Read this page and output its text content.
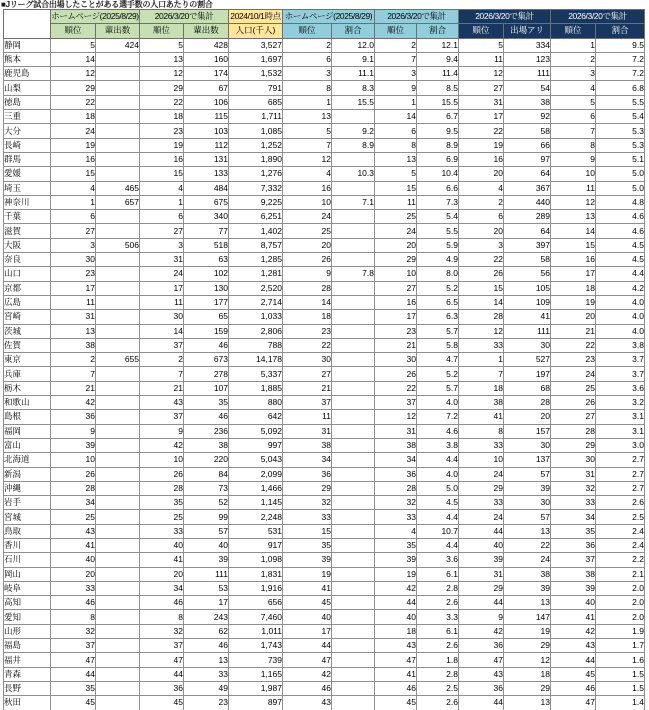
■Jリーグ試合出場したことがある選手数の人口あたりの割合
	ホームページ(2025/8/29)		2026/3/20で集計		2024/10/1時点	ホームページ(2025/8/29)		2026/3/20で集計		2026/3/20で集計		2026/3/20で集計	
	順位	輩出数	順位	輩出数	人口(千人)	順位	割合	順位	割合	順位	出場アリ	順位	割合
静岡	5	424	5	428	3,527	2	12.0	2	12.1	5	334	1	9.5
熊本	14		13	160	1,697	6	9.1	7	9.4	11	123	2	7.2
鹿児島	12		12	174	1,532	3	11.1	3	11.4	12	111	3	7.2
山梨	29		29	67	791	8	8.3	9	8.5	27	54	4	6.8
徳島	22		22	106	685	1	15.5	1	15.5	31	38	5	5.5
三重	18		18	115	1,711	13		14	6.7	17	92	6	5.4
大分	24		23	103	1,085	5	9.2	6	9.5	22	58	7	5.3
長崎	19		19	112	1,252	7	8.9	8	8.9	19	66	8	5.3
群馬	16		16	131	1,890	12		13	6.9	16	97	9	5.1
愛媛	15		15	133	1,276	4	10.3	5	10.4	20	64	10	5.0
埼玉	4	465	4	484	7,332	16		15	6.6	4	367	11	5.0
神奈川	1	657	1	675	9,225	10	7.1	11	7.3	2	440	12	4.8
千葉	6		6	340	6,251	24		25	5.4	6	289	13	4.6
滋賀	27		27	77	1,402	25		24	5.5	20	64	14	4.6
大阪	3	506	3	518	8,757	20		20	5.9	3	397	15	4.5
奈良	30		31	63	1,285	26		29	4.9	22	58	16	4.5
山口	23		24	102	1,281	9	7.8	10	8.0	26	56	17	4.4
京都	17		17	130	2,520	28		27	5.2	15	105	18	4.2
広島	11		11	177	2,714	14		16	6.5	14	109	19	4.0
宮崎	31		30	65	1,033	18		17	6.3	28	41	20	4.0
茨城	13		14	159	2,806	23		23	5.7	12	111	21	4.0
佐賀	38		37	46	788	22		21	5.8	33	30	22	3.8
東京	2	655	2	673	14,178	30		30	4.7	1	527	23	3.7
兵庫	7		7	278	5,337	27		26	5.2	7	197	24	3.7
栃木	21		21	107	1,885	21		22	5.7	18	68	25	3.6
和歌山	42		43	35	880	37		37	4.0	38	28	26	3.2
島根	36		37	46	642	11		12	7.2	41	20	27	3.1
福岡	9		9	236	5,092	31		31	4.6	8	157	28	3.1
富山	39		42	38	997	38		38	3.8	33	30	29	3.0
北海道	10		10	220	5,043	34		34	4.4	10	137	30	2.7
新潟	26		26	84	2,099	36		36	4.0	24	57	31	2.7
沖縄	28		28	73	1,466	29		28	5.0	29	39	32	2.7
岩手	34		35	52	1,145	32		32	4.5	33	30	33	2.6
宮城	25		25	99	2,248	33		33	4.4	24	57	34	2.5
鳥取	43		33	57	531	15		4	10.7	44	13	35	2.4
香川	41		40	40	917	35		35	4.4	40	22	36	2.4
石川	40		41	39	1,098	39		39	3.6	39	24	37	2.2
岡山	20		20	111	1,831	19		19	6.1	31	38	38	2.1
岐阜	33		34	53	1,916	41		42	2.8	29	39	39	2.0
高知	46		46	17	656	45		44	2.6	44	13	40	2.0
愛知	8		8	243	7,460	40		40	3.3	9	147	41	2.0
山形	32		32	62	1,011	17		18	6.1	42	19	42	1.9
福島	37		37	46	1,743	44		43	2.6	36	29	43	1.7
福井	47		47	13	739	47		47	1.8	47	12	44	1.6
青森	44		44	33	1,165	42		41	2.8	43	18	45	1.5
長野	35		36	49	1,987	46		46	2.5	36	29	46	1.5
秋田	45		45	23	897	43		45	2.6	44	13	47	1.4
